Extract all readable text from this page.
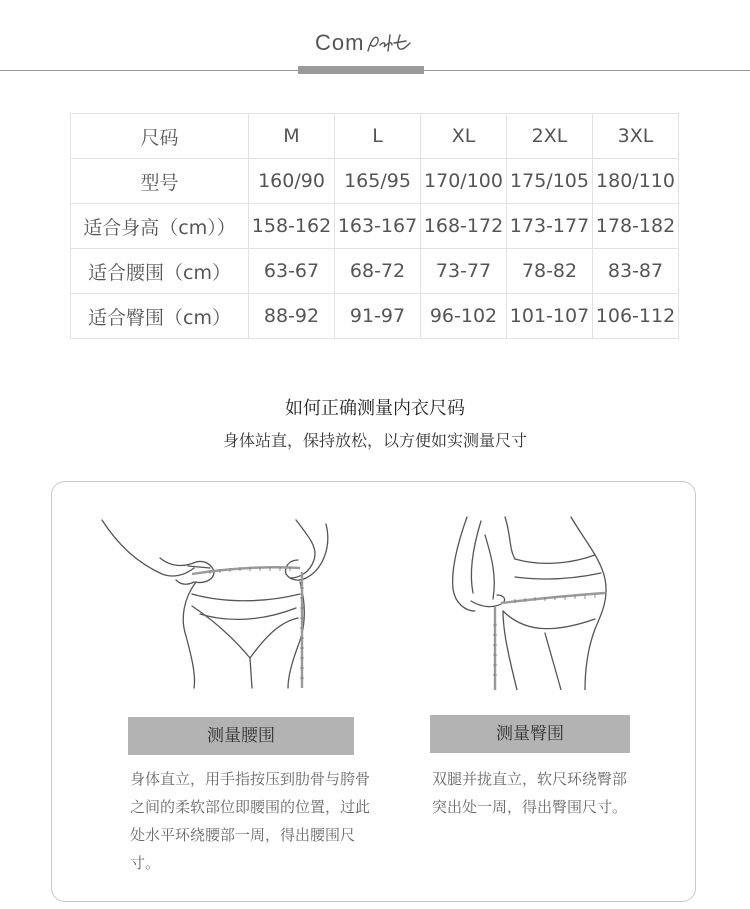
Com
尺码	M	L	XL	2XL	3XL
型号	160/90	165/95	170/100	175/105	180/110
适合身高（cm））	158-162	163-167	168-172	173-177	178-182
适合腰围（cm）	63-67	68-72	73-77	78-82	83-87
适合臀围（cm）	88-92	91-97	96-102	101-107	106-112
如何正确测量内衣尺码
身体站直，保持放松，以方便如实测量尺寸
测量腰围	测量臀围
身体直立，用手指按压到肋骨与胯骨之间的柔软部位即腰围的位置，过此处水平环绕腰部一周，得出腰围尺寸。
双腿并拢直立，软尺环绕臀部突出处一周，得出臀围尺寸。
